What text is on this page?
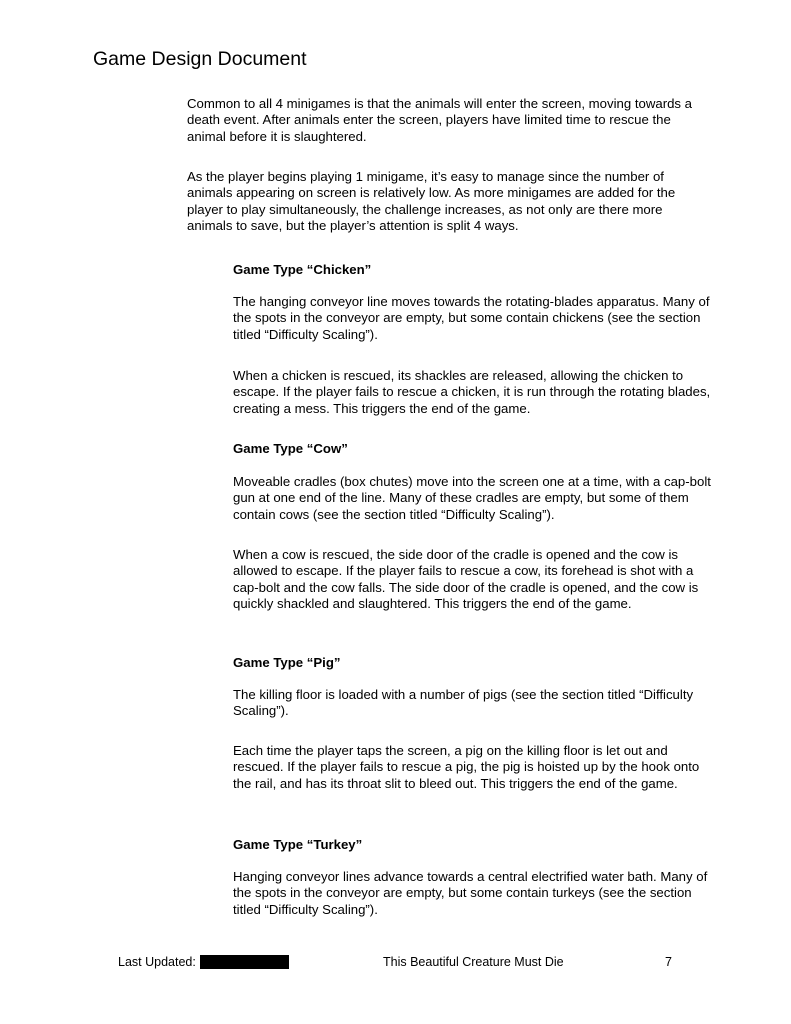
Game Design Document

Common to all 4 minigames is that the animals will enter the screen, moving towards a death event. After animals enter the screen, players have limited time to rescue the animal before it is slaughtered.

As the player begins playing 1 minigame, it’s easy to manage since the number of animals appearing on screen is relatively low. As more minigames are added for the player to play simultaneously, the challenge increases, as not only are there more animals to save, but the player’s attention is split 4 ways.

Game Type “Chicken”

The hanging conveyor line moves towards the rotating-blades apparatus. Many of the spots in the conveyor are empty, but some contain chickens (see the section titled “Difficulty Scaling”).

When a chicken is rescued, its shackles are released, allowing the chicken to escape. If the player fails to rescue a chicken, it is run through the rotating blades, creating a mess. This triggers the end of the game.

Game Type “Cow”

Moveable cradles (box chutes) move into the screen one at a time, with a cap-bolt gun at one end of the line. Many of these cradles are empty, but some of them contain cows (see the section titled “Difficulty Scaling”).

When a cow is rescued, the side door of the cradle is opened and the cow is allowed to escape. If the player fails to rescue a cow, its forehead is shot with a cap-bolt and the cow falls. The side door of the cradle is opened, and the cow is quickly shackled and slaughtered. This triggers the end of the game.

Game Type “Pig”

The killing floor is loaded with a number of pigs (see the section titled “Difficulty Scaling”).

Each time the player taps the screen, a pig on the killing floor is let out and rescued. If the player fails to rescue a pig, the pig is hoisted up by the hook onto the rail, and has its throat slit to bleed out. This triggers the end of the game.

Game Type “Turkey”

Hanging conveyor lines advance towards a central electrified water bath. Many of the spots in the conveyor are empty, but some contain turkeys (see the section titled “Difficulty Scaling”).

Last Updated:	This Beautiful Creature Must Die	7
